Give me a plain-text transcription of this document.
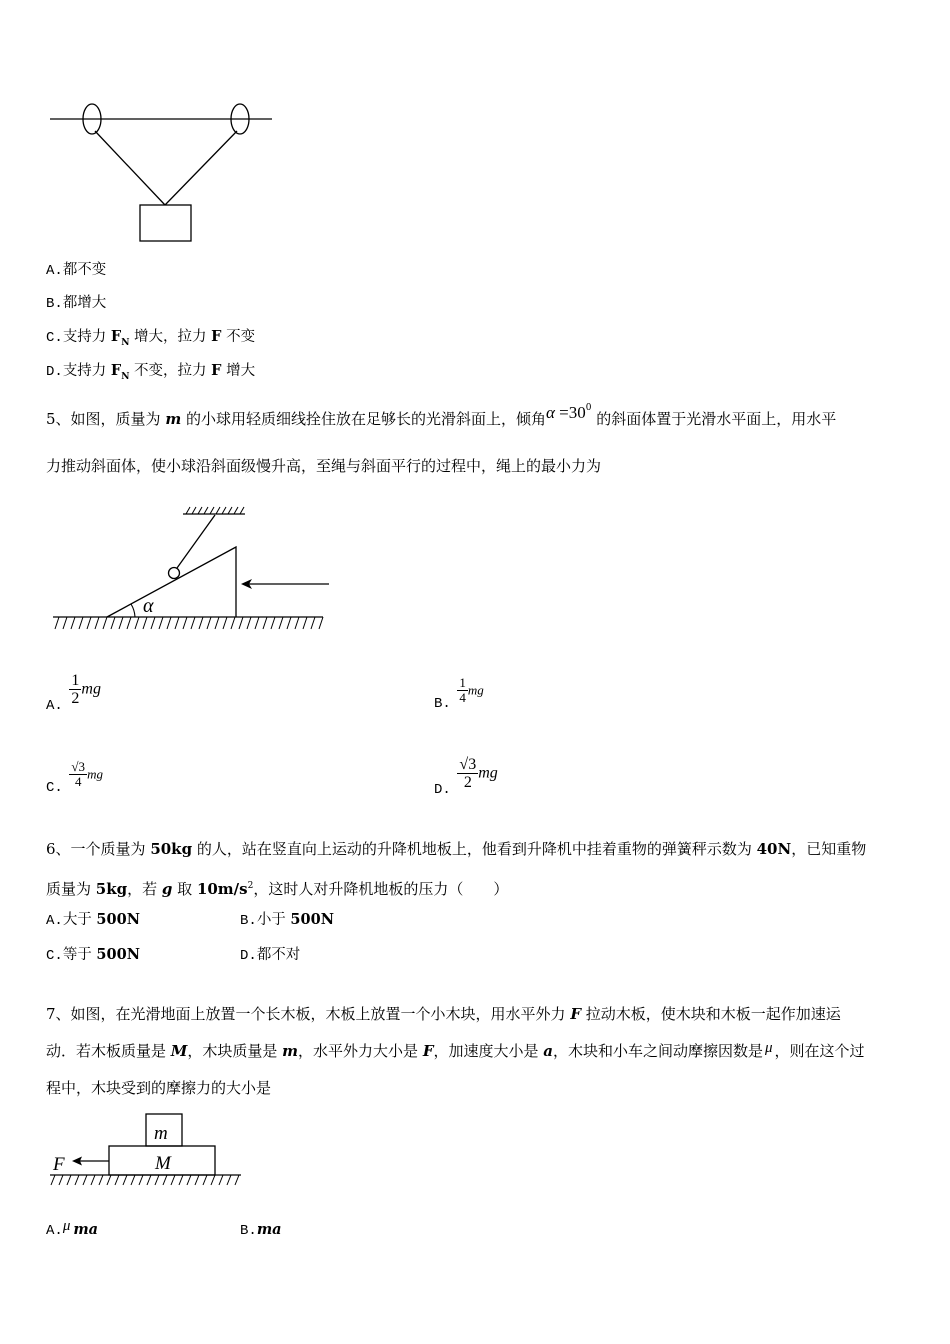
A.都不变
B.都增大
C.支持力 $F_N$ 增大，拉力 F 不变
D.支持力 $F_N$ 不变，拉力 F 增大
5、如图，质量为 m 的小球用轻质细线拴住放在足够长的光滑斜面上，倾角$\alpha =30^0$ 的斜面体置于光滑水平面上，用水平
力推动斜面体，使小球沿斜面级慢升高，至绳与斜面平行的过程中，绳上的最小力为
α
A. $\frac{1}{2}$ mg
B. $\frac{1}{4}$ mg
C. $\frac{√3}{4}$ mg
D. $\frac{√3}{2}$ mg
6、一个质量为 50kg 的人，站在竖直向上运动的升降机地板上，他看到升降机中挂着重物的弹簧秤示数为 40N，已知重物
质量为 5kg，若 g 取 $10m/s^2$，这时人对升降机地板的压力（　　）
A.大于 500N	B.小于 500N
C.等于 500N	D.都不对
7、如图，在光滑地面上放置一个长木板，木板上放置一个小木块，用水平外力 F 拉动木板，使木块和木板一起作加速运
动．若木板质量是 M，木块质量是 m，水平外力大小是 F，加速度大小是 a，木块和小车之间动摩擦因数是 μ ，则在这个过
程中，木块受到的摩擦力的大小是
m
M
F
A.μ ma	B.ma
